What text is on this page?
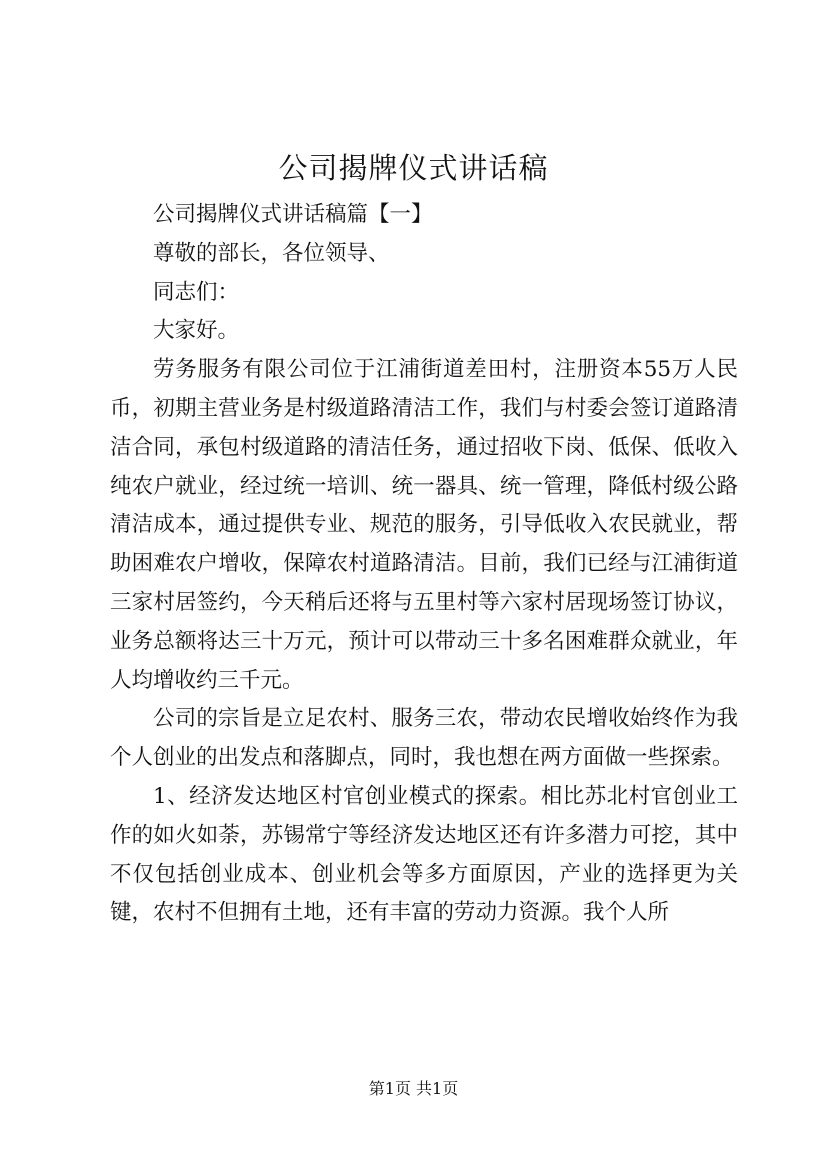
公司揭牌仪式讲话稿

公司揭牌仪式讲话稿篇【一】

尊敬的部长，各位领导、

同志们：

大家好。

劳务服务有限公司位于江浦街道差田村，注册资本55万人民币，初期主营业务是村级道路清洁工作，我们与村委会签订道路清洁合同，承包村级道路的清洁任务，通过招收下岗、低保、低收入纯农户就业，经过统一培训、统一器具、统一管理，降低村级公路清洁成本，通过提供专业、规范的服务，引导低收入农民就业，帮助困难农户增收，保障农村道路清洁。目前，我们已经与江浦街道三家村居签约，今天稍后还将与五里村等六家村居现场签订协议，业务总额将达三十万元，预计可以带动三十多名困难群众就业，年人均增收约三千元。

公司的宗旨是立足农村、服务三农，带动农民增收始终作为我个人创业的出发点和落脚点，同时，我也想在两方面做一些探索。

1、经济发达地区村官创业模式的探索。相比苏北村官创业工作的如火如荼，苏锡常宁等经济发达地区还有许多潜力可挖，其中不仅包括创业成本、创业机会等多方面原因，产业的选择更为关键，农村不但拥有土地，还有丰富的劳动力资源。我个人所

第1页 共1页
